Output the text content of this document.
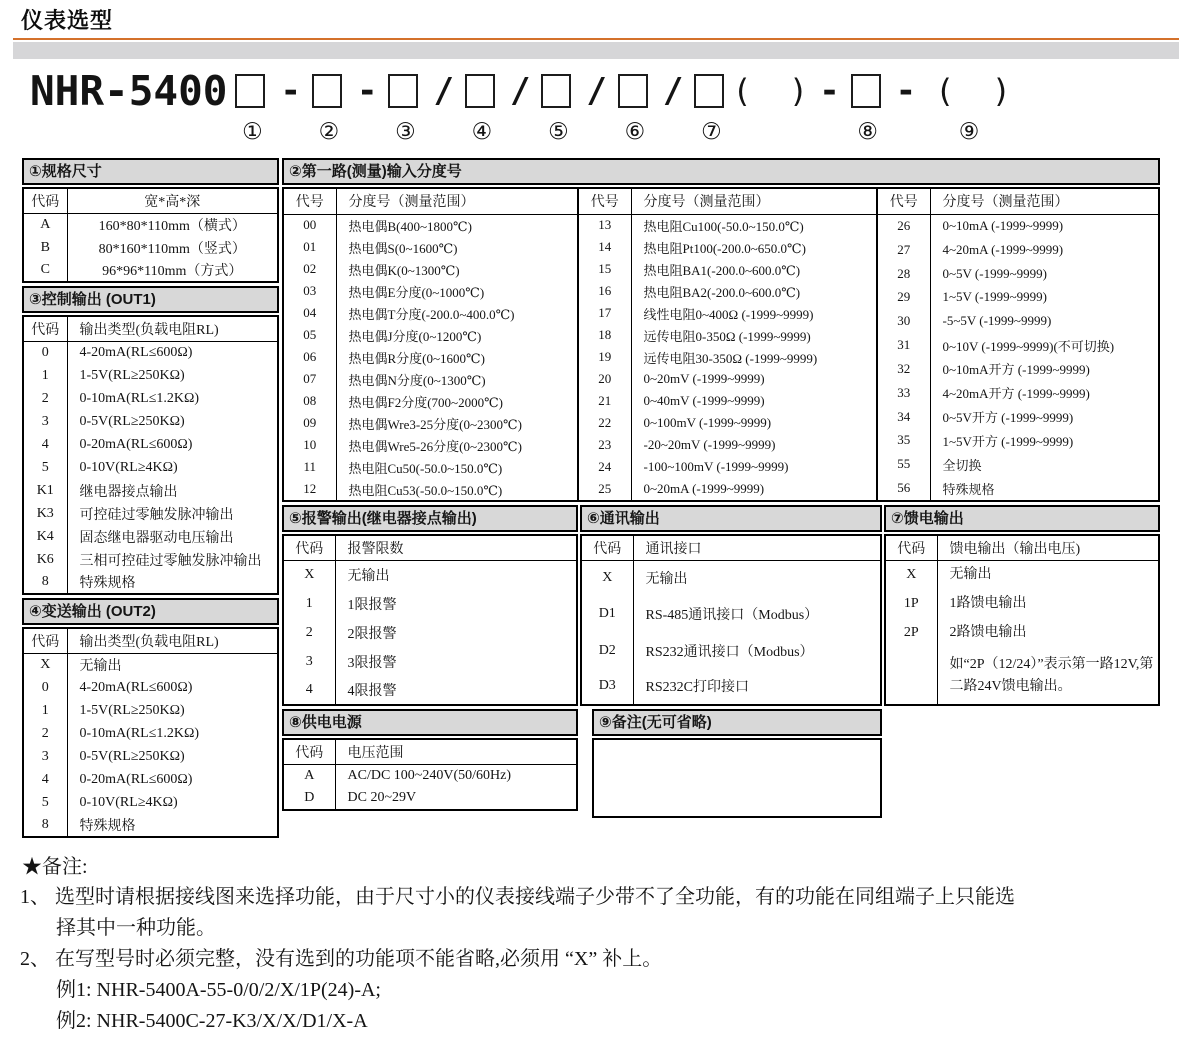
仪表选型
NHR-5400
①
-
②
-
③
/
④
/
⑤
/
⑥
/	( )
⑦
-
⑧
- ( )
⑨
①规格尺寸
代码	宽*高*深
A	160*80*110mm（横式）
B	80*160*110mm（竖式）
C	96*96*110mm（方式）
③控制输出 (OUT1)
代码	输出类型(负载电阻RL)
0	4-20mA(RL≤600Ω)
1	1-5V(RL≥250KΩ)
2	0-10mA(RL≤1.2KΩ)
3	0-5V(RL≥250KΩ)
4	0-20mA(RL≤600Ω)
5	0-10V(RL≥4KΩ)
K1	继电器接点输出
K3	可控硅过零触发脉冲输出
K4	固态继电器驱动电压输出
K6	三相可控硅过零触发脉冲输出
8	特殊规格
④变送输出 (OUT2)
代码	输出类型(负载电阻RL)
X	无输出
0	4-20mA(RL≤600Ω)
1	1-5V(RL≥250KΩ)
2	0-10mA(RL≤1.2KΩ)
3	0-5V(RL≥250KΩ)
4	0-20mA(RL≤600Ω)
5	0-10V(RL≥4KΩ)
8	特殊规格
②第一路(测量)输入分度号
代号	分度号（测量范围）
00	热电偶B(400~1800℃)
01	热电偶S(0~1600℃)
02	热电偶K(0~1300℃)
03	热电偶E分度(0~1000℃)
04	热电偶T分度(-200.0~400.0℃)
05	热电偶J分度(0~1200℃)
06	热电偶R分度(0~1600℃)
07	热电偶N分度(0~1300℃)
08	热电偶F2分度(700~2000℃)
09	热电偶Wre3-25分度(0~2300℃)
10	热电偶Wre5-26分度(0~2300℃)
11	热电阻Cu50(-50.0~150.0℃)
12	热电阻Cu53(-50.0~150.0℃)
代号	分度号（测量范围）
13	热电阻Cu100(-50.0~150.0℃)
14	热电阻Pt100(-200.0~650.0℃)
15	热电阻BA1(-200.0~600.0℃)
16	热电阻BA2(-200.0~600.0℃)
17	线性电阻0~400Ω (-1999~9999)
18	远传电阻0-350Ω (-1999~9999)
19	远传电阻30-350Ω (-1999~9999)
20	0~20mV (-1999~9999)
21	0~40mV (-1999~9999)
22	0~100mV (-1999~9999)
23	-20~20mV (-1999~9999)
24	-100~100mV (-1999~9999)
25	0~20mA (-1999~9999)
代号	分度号（测量范围）
26	0~10mA (-1999~9999)
27	4~20mA (-1999~9999)
28	0~5V (-1999~9999)
29	1~5V (-1999~9999)
30	-5~5V (-1999~9999)
31	0~10V (-1999~9999)(不可切换)
32	0~10mA开方 (-1999~9999)
33	4~20mA开方 (-1999~9999)
34	0~5V开方 (-1999~9999)
35	1~5V开方 (-1999~9999)
55	全切换
56	特殊规格
⑤报警输出(继电器接点输出)
代码	报警限数
X	无输出
1	1限报警
2	2限报警
3	3限报警
4	4限报警
⑥通讯输出
代码	通讯接口
X	无输出
D1	RS-485通讯接口（Modbus）
D2	RS232通讯接口（Modbus）
D3	RS232C打印接口
⑦馈电输出
代码	馈电输出（输出电压)
X	无输出
1P	1路馈电输出
2P	2路馈电输出
	如“2P（12/24）”表示第一路12V,第二路24V馈电输出。
⑧供电电源
代码	电压范围
A	AC/DC 100~240V(50/60Hz)
D	DC 20~29V
⑨备注(无可省略)
★备注:
1、 选型时请根据接线图来选择功能，由于尺寸小的仪表接线端子少带不了全功能，有的功能在同组端子上只能选
择其中一种功能。
2、 在写型号时必须完整，没有选到的功能项不能省略,必须用 “X” 补上。
例1: NHR-5400A-55-0/0/2/X/1P(24)-A;
例2: NHR-5400C-27-K3/X/X/D1/X-A
